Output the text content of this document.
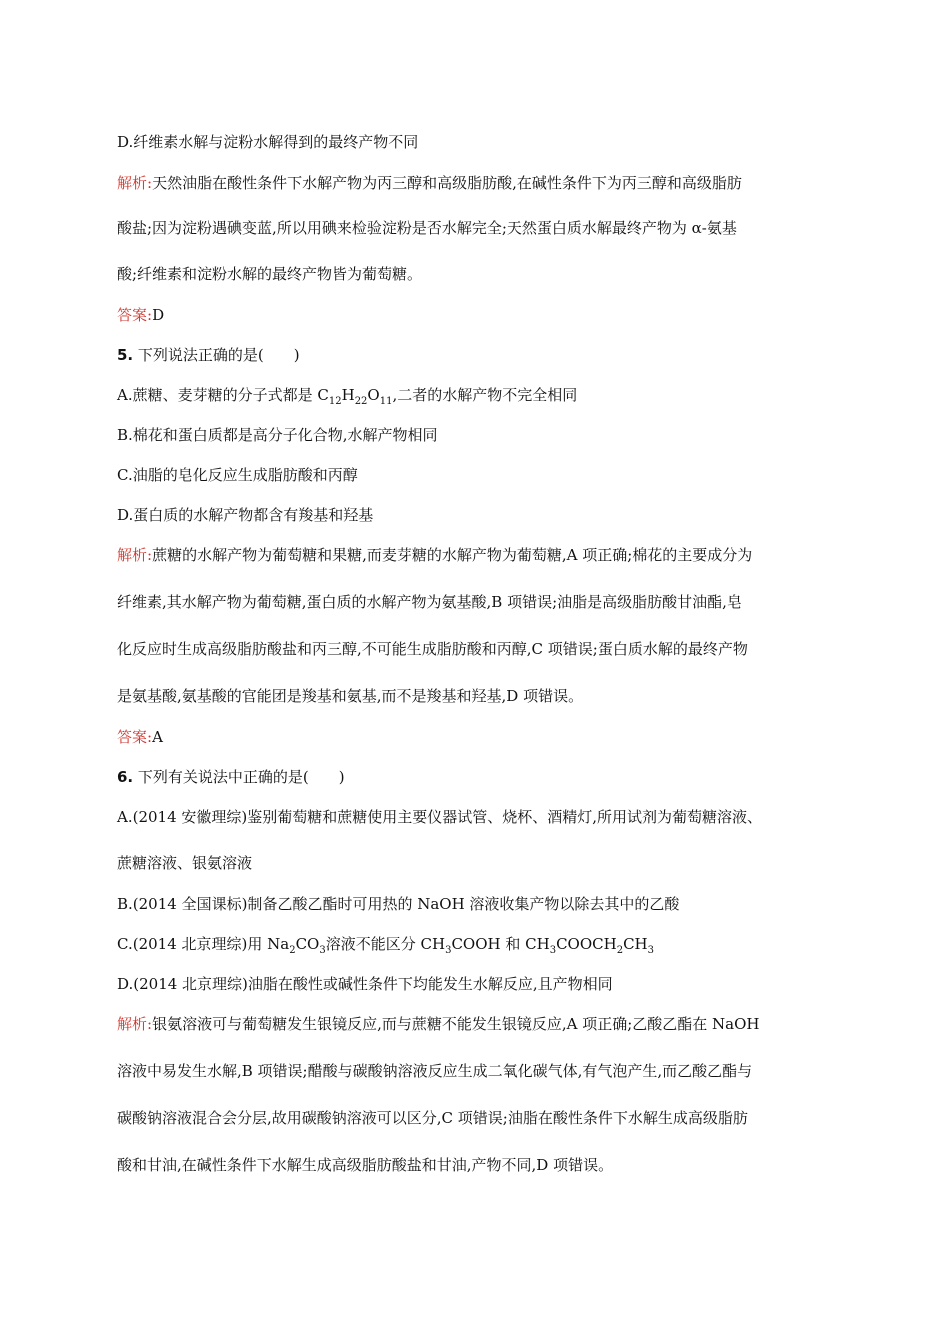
D.纤维素水解与淀粉水解得到的最终产物不同
解析:天然油脂在酸性条件下水解产物为丙三醇和高级脂肪酸,在碱性条件下为丙三醇和高级脂肪
酸盐;因为淀粉遇碘变蓝,所以用碘来检验淀粉是否水解完全;天然蛋白质水解最终产物为 α-氨基
酸;纤维素和淀粉水解的最终产物皆为葡萄糖。
答案:D
5. 下列说法正确的是(　　)
A.蔗糖、麦芽糖的分子式都是 $C_{12}H_{22}O_{11}$,二者的水解产物不完全相同
B.棉花和蛋白质都是高分子化合物,水解产物相同
C.油脂的皂化反应生成脂肪酸和丙醇
D.蛋白质的水解产物都含有羧基和羟基
解析:蔗糖的水解产物为葡萄糖和果糖,而麦芽糖的水解产物为葡萄糖,A 项正确;棉花的主要成分为
纤维素,其水解产物为葡萄糖,蛋白质的水解产物为氨基酸,B 项错误;油脂是高级脂肪酸甘油酯,皂
化反应时生成高级脂肪酸盐和丙三醇,不可能生成脂肪酸和丙醇,C 项错误;蛋白质水解的最终产物
是氨基酸,氨基酸的官能团是羧基和氨基,而不是羧基和羟基,D 项错误。
答案:A
6. 下列有关说法中正确的是(　　)
A.(2014 安徽理综)鉴别葡萄糖和蔗糖使用主要仪器试管、烧杯、酒精灯,所用试剂为葡萄糖溶液、
蔗糖溶液、银氨溶液
B.(2014 全国课标)制备乙酸乙酯时可用热的 NaOH 溶液收集产物以除去其中的乙酸
C.(2014 北京理综)用 $Na_2CO_3$溶液不能区分 $CH_3COOH$ 和 $CH_3COOCH_2CH_3$
D.(2014 北京理综)油脂在酸性或碱性条件下均能发生水解反应,且产物相同
解析:银氨溶液可与葡萄糖发生银镜反应,而与蔗糖不能发生银镜反应,A 项正确;乙酸乙酯在 NaOH
溶液中易发生水解,B 项错误;醋酸与碳酸钠溶液反应生成二氧化碳气体,有气泡产生,而乙酸乙酯与
碳酸钠溶液混合会分层,故用碳酸钠溶液可以区分,C 项错误;油脂在酸性条件下水解生成高级脂肪
酸和甘油,在碱性条件下水解生成高级脂肪酸盐和甘油,产物不同,D 项错误。
